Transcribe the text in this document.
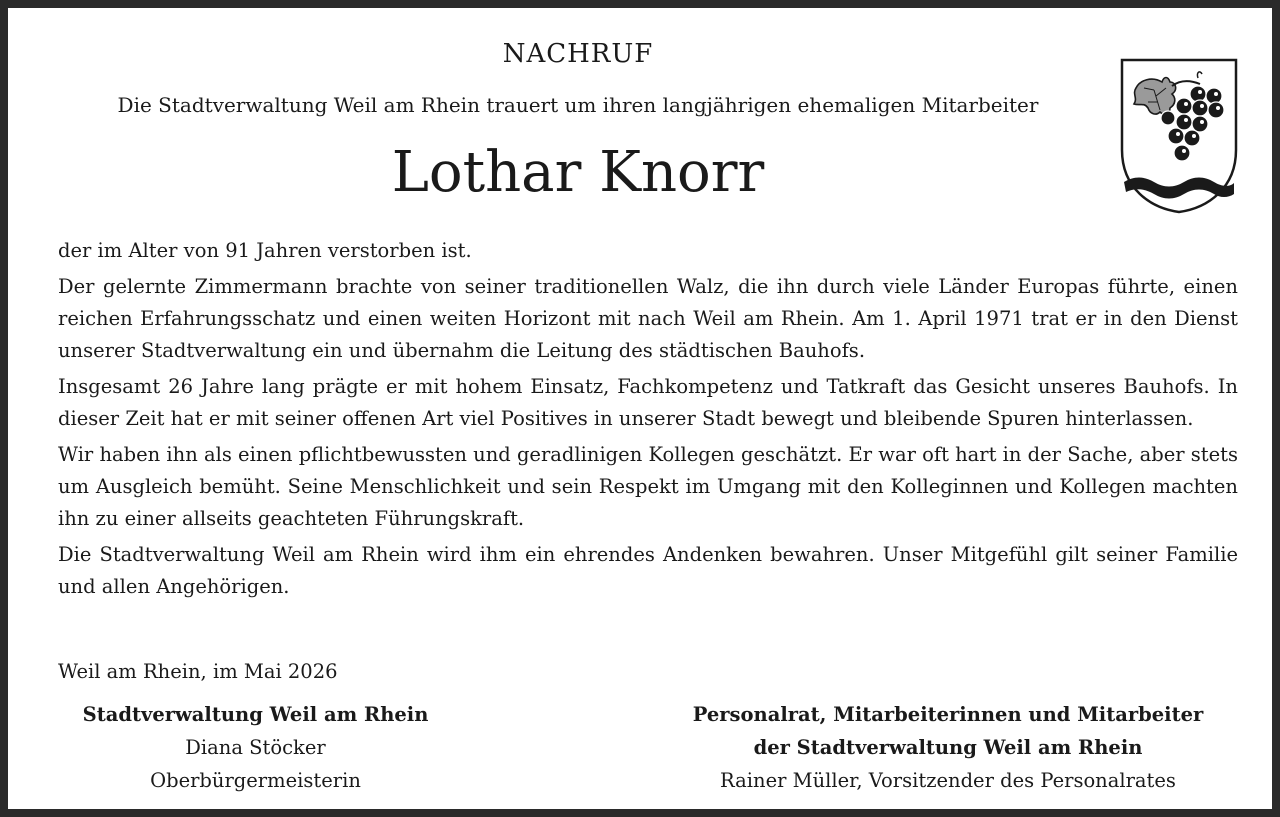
NACHRUF
Die Stadtverwaltung Weil am Rhein trauert um ihren langjährigen ehemaligen Mitarbeiter
Lothar Knorr

der im Alter von 91 Jahren verstorben ist.

Der gelernte Zimmermann brachte von seiner traditionellen Walz, die ihn durch viele Länder Europas führte, einen reichen Erfahrungsschatz und einen weiten Horizont mit nach Weil am Rhein. Am 1. April 1971 trat er in den Dienst unserer Stadtverwaltung ein und übernahm die Leitung des städtischen Bauhofs.

Insgesamt 26 Jahre lang prägte er mit hohem Einsatz, Fachkompetenz und Tatkraft das Gesicht unseres Bauhofs. In dieser Zeit hat er mit seiner offenen Art viel Positives in unserer Stadt bewegt und bleibende Spuren hinterlassen.

Wir haben ihn als einen pflichtbewussten und geradlinigen Kollegen geschätzt. Er war oft hart in der Sache, aber stets um Ausgleich bemüht. Seine Menschlichkeit und sein Respekt im Umgang mit den Kolleginnen und Kollegen machten ihn zu einer allseits geachteten Führungskraft.

Die Stadtverwaltung Weil am Rhein wird ihm ein ehrendes Andenken bewahren. Unser Mitgefühl gilt seiner Familie und allen Angehörigen.

Weil am Rhein, im Mai 2026
Stadtverwaltung Weil am Rhein
Diana Stöcker
Oberbürgermeisterin
Personalrat, Mitarbeiterinnen und Mitarbeiter
der Stadtverwaltung Weil am Rhein
Rainer Müller, Vorsitzender des Personalrates
